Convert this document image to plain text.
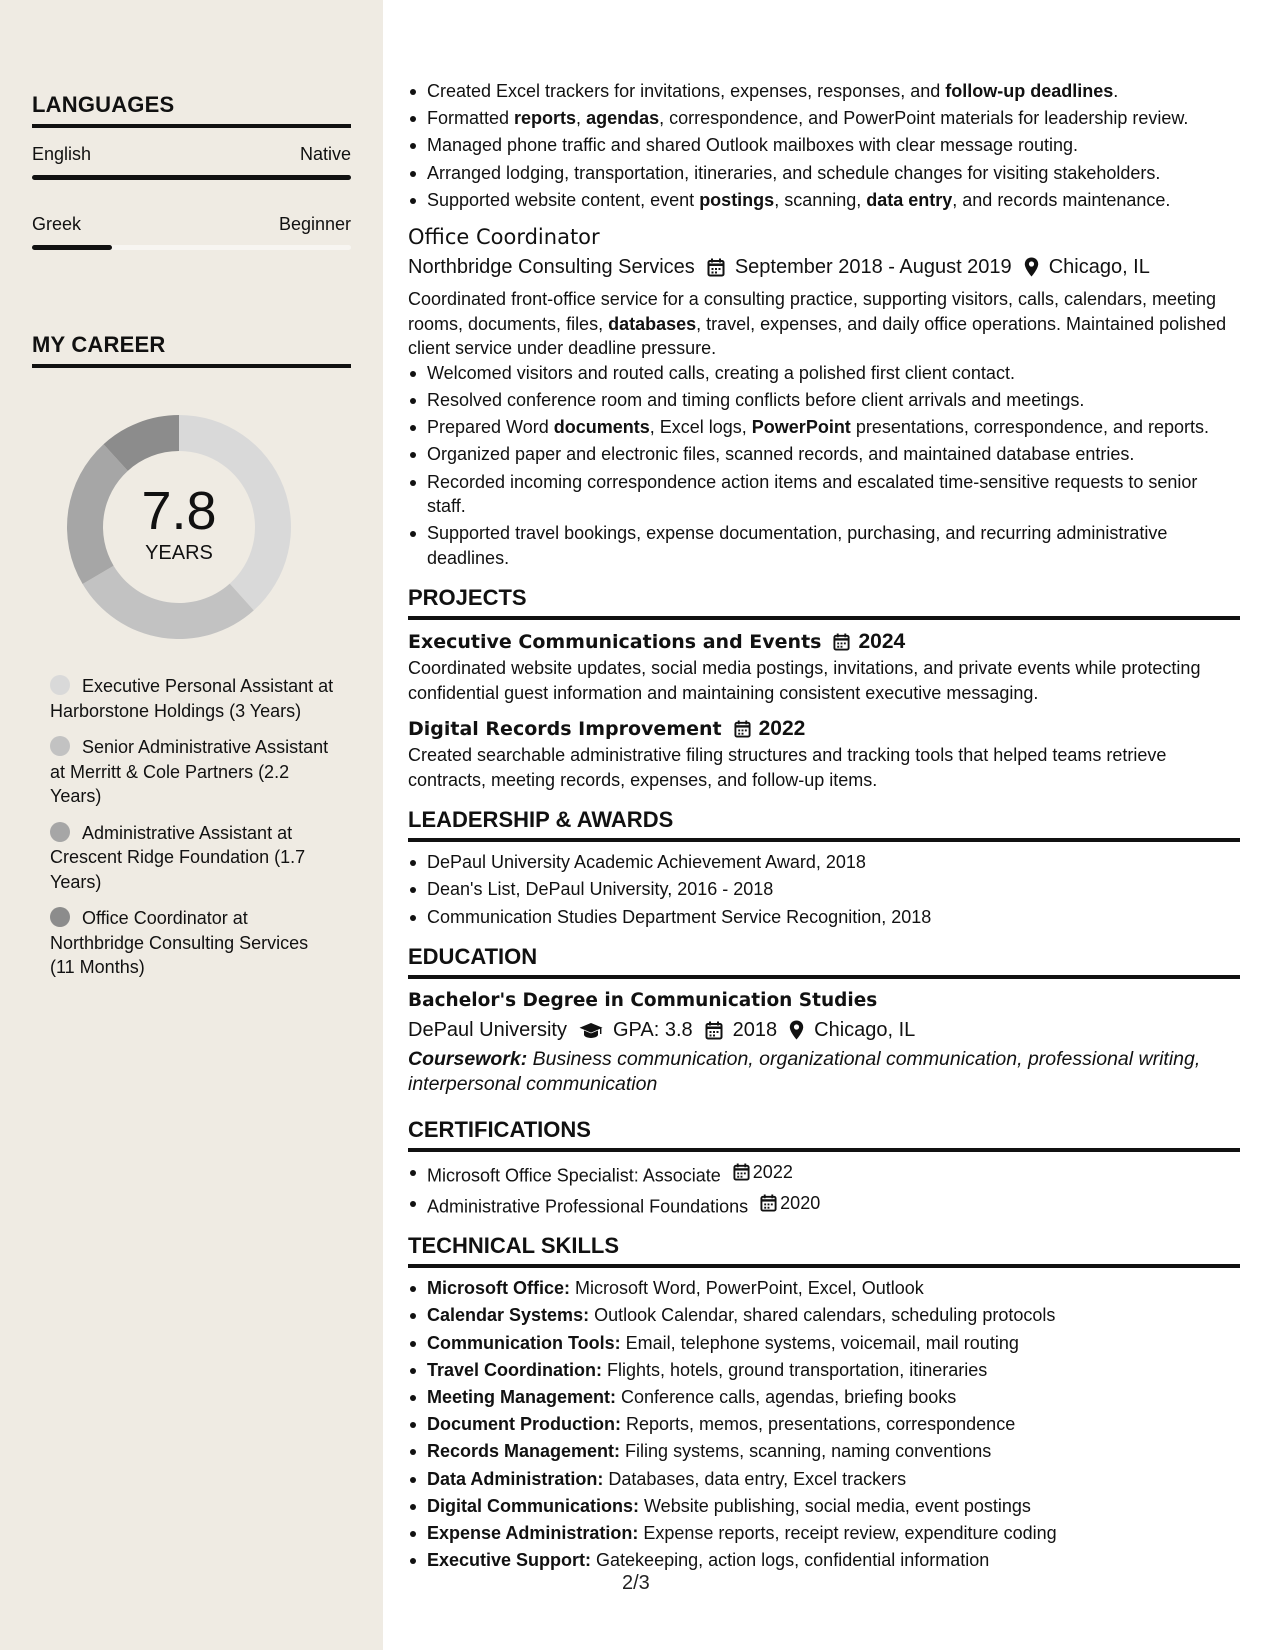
LANGUAGES
English	Native
Greek	Beginner
MY CAREER
7.8
YEARS
Executive Personal Assistant at Harborstone Holdings (3 Years)
Senior Administrative Assistant at Merritt & Cole Partners (2.2 Years)
Administrative Assistant at Crescent Ridge Foundation (1.7 Years)
Office Coordinator at Northbridge Consulting Services (11 Months)
Created Excel trackers for invitations, expenses, responses, and follow-up deadlines.
Formatted reports, agendas, correspondence, and PowerPoint materials for leadership review.
Managed phone traffic and shared Outlook mailboxes with clear message routing.
Arranged lodging, transportation, itineraries, and schedule changes for visiting stakeholders.
Supported website content, event postings, scanning, data entry, and records maintenance.
Office Coordinator
Northbridge Consulting Services September 2018 - August 2019 Chicago, IL
Coordinated front-office service for a consulting practice, supporting visitors, calls, calendars, meeting rooms, documents, files, databases, travel, expenses, and daily office operations. Maintained polished client service under deadline pressure.
Welcomed visitors and routed calls, creating a polished first client contact.
Resolved conference room and timing conflicts before client arrivals and meetings.
Prepared Word documents, Excel logs, PowerPoint presentations, correspondence, and reports.
Organized paper and electronic files, scanned records, and maintained database entries.
Recorded incoming correspondence action items and escalated time-sensitive requests to senior staff.
Supported travel bookings, expense documentation, purchasing, and recurring administrative deadlines.
PROJECTS
Executive Communications and Events 2024
Coordinated website updates, social media postings, invitations, and private events while protecting confidential guest information and maintaining consistent executive messaging.
Digital Records Improvement 2022
Created searchable administrative filing structures and tracking tools that helped teams retrieve contracts, meeting records, expenses, and follow-up items.
LEADERSHIP & AWARDS
DePaul University Academic Achievement Award, 2018
Dean's List, DePaul University, 2016 - 2018
Communication Studies Department Service Recognition, 2018
EDUCATION
Bachelor's Degree in Communication Studies
DePaul University GPA: 3.8 2018 Chicago, IL
Coursework: Business communication, organizational communication, professional writing, interpersonal communication
CERTIFICATIONS
Microsoft Office Specialist: Associate 2022
Administrative Professional Foundations 2020
TECHNICAL SKILLS
Microsoft Office: Microsoft Word, PowerPoint, Excel, Outlook
Calendar Systems: Outlook Calendar, shared calendars, scheduling protocols
Communication Tools: Email, telephone systems, voicemail, mail routing
Travel Coordination: Flights, hotels, ground transportation, itineraries
Meeting Management: Conference calls, agendas, briefing books
Document Production: Reports, memos, presentations, correspondence
Records Management: Filing systems, scanning, naming conventions
Data Administration: Databases, data entry, Excel trackers
Digital Communications: Website publishing, social media, event postings
Expense Administration: Expense reports, receipt review, expenditure coding
Executive Support: Gatekeeping, action logs, confidential information
2/3
